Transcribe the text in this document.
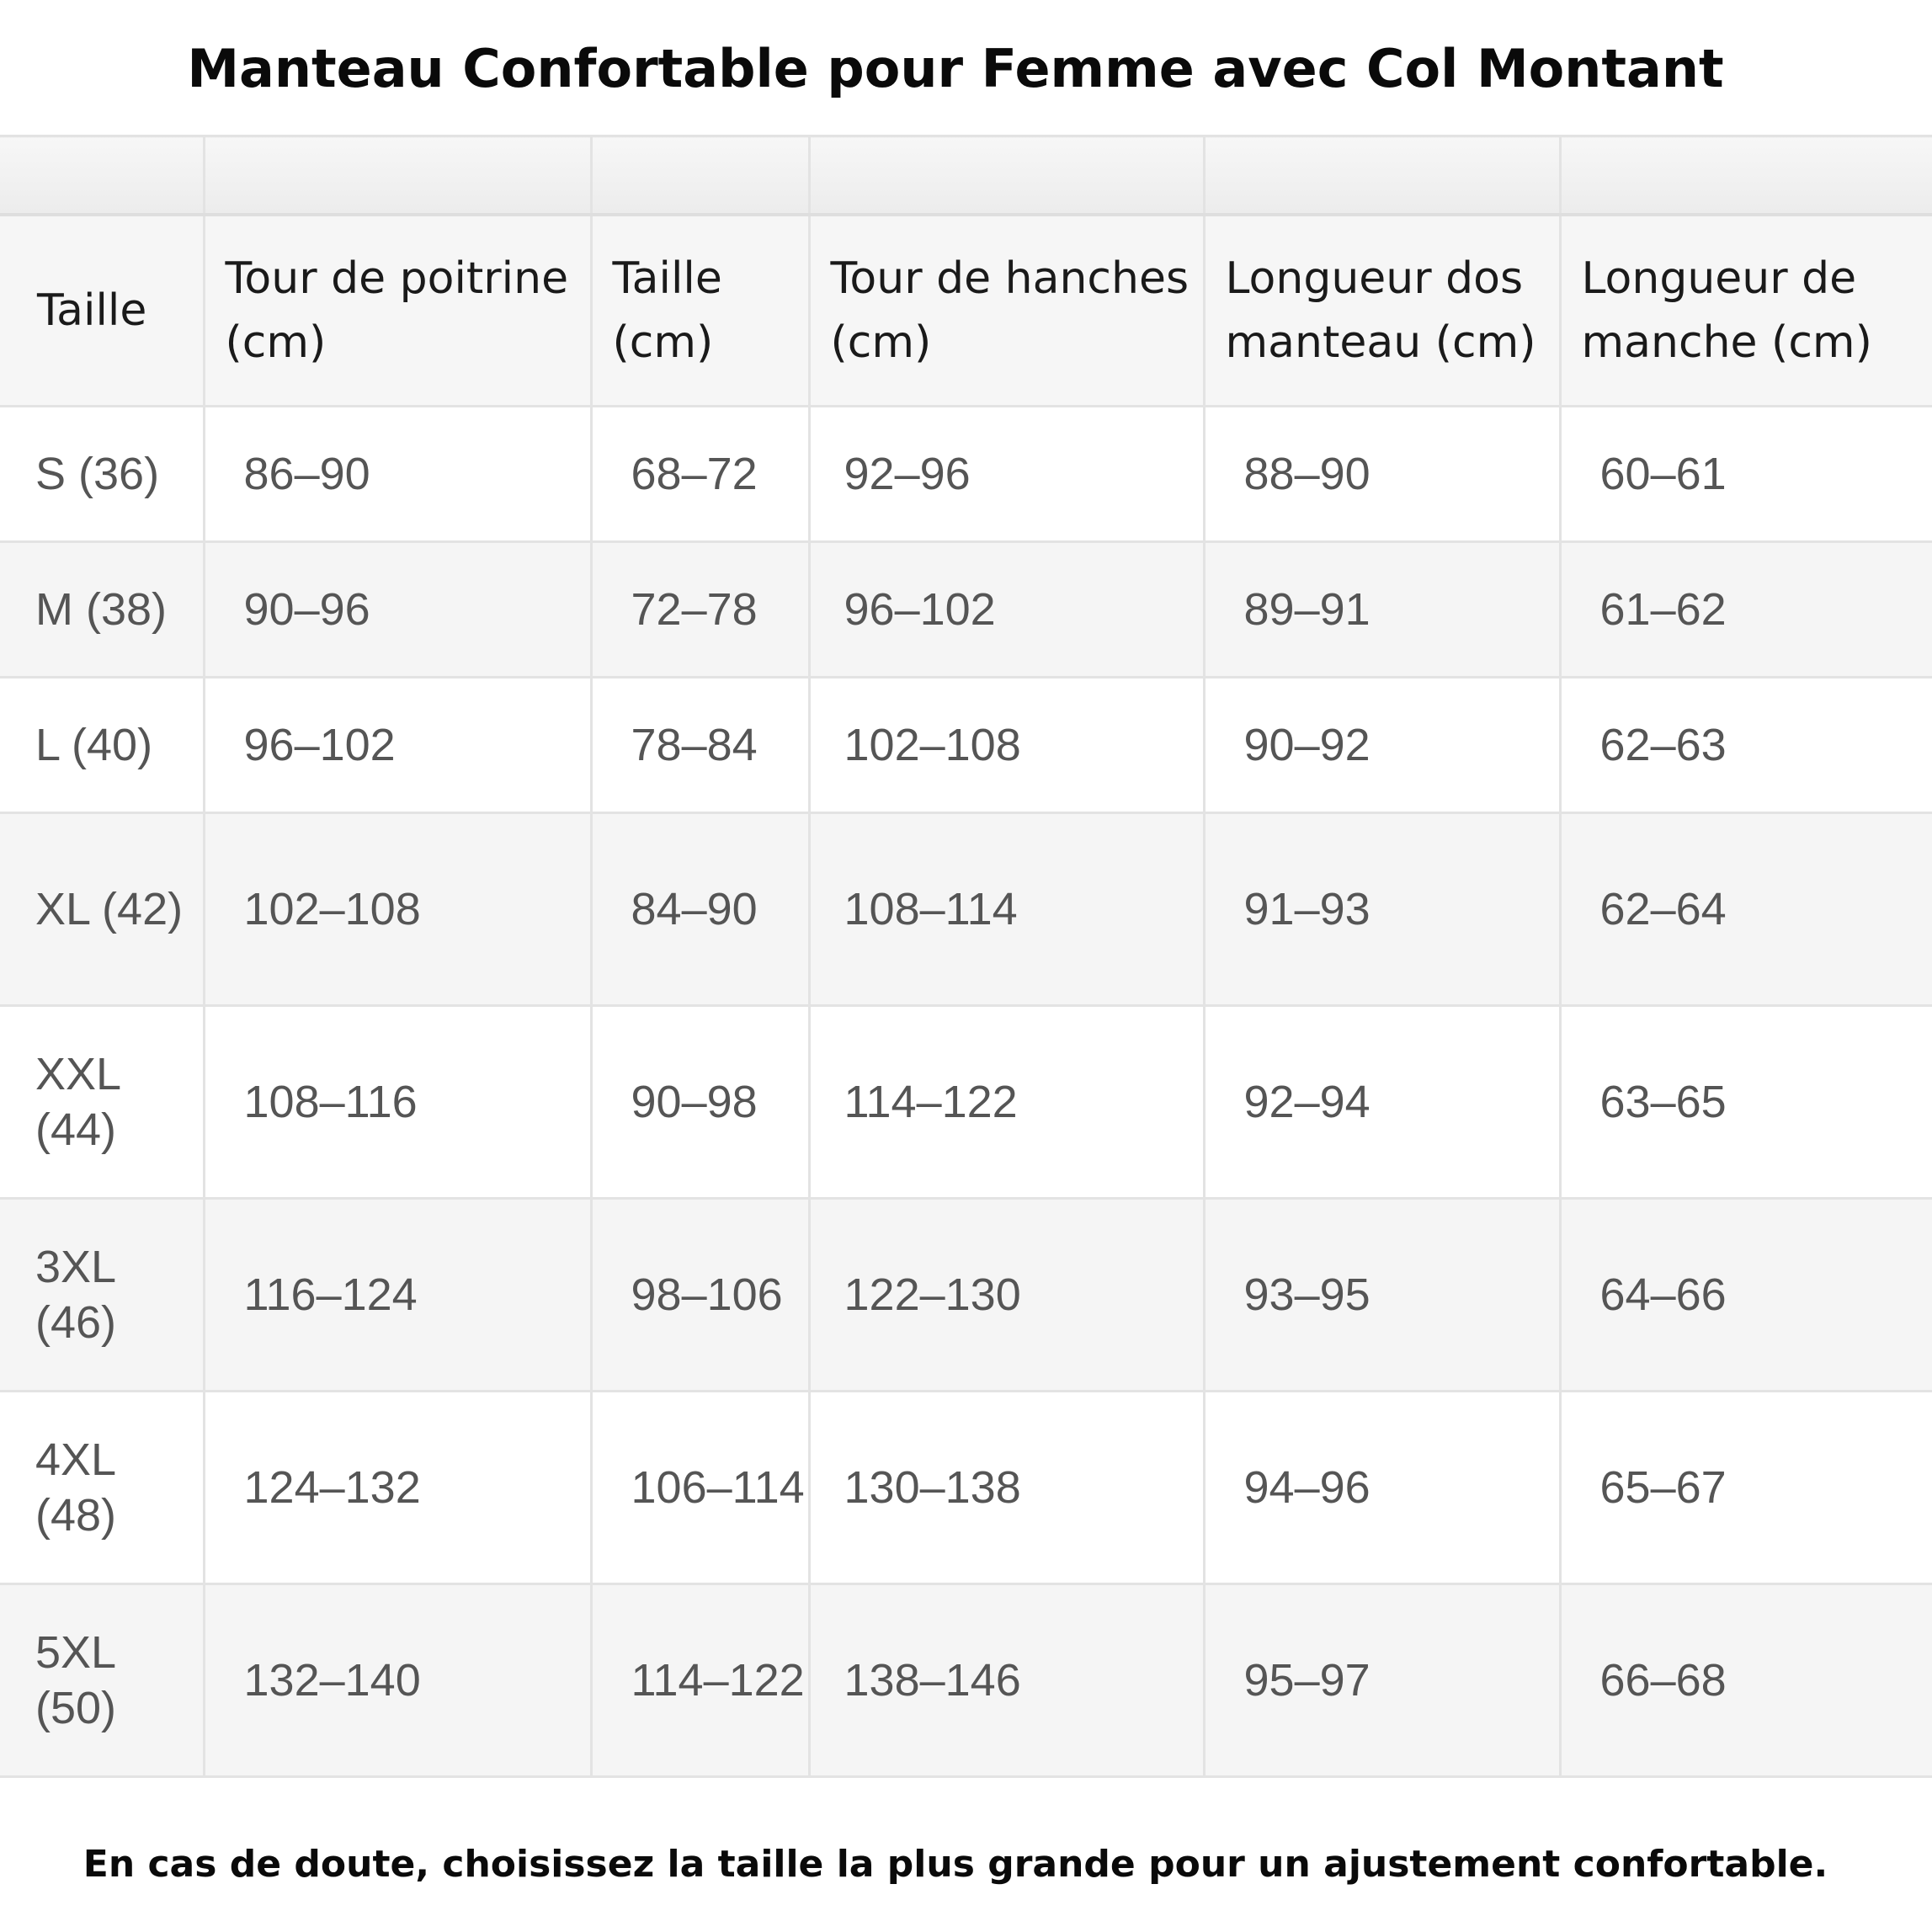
Manteau Confortable pour Femme avec Col Montant

Taille	Tour de poitrine (cm)	Taille (cm)	Tour de hanches (cm)	Longueur dos manteau (cm)	Longueur de manche (cm)
S (36)	86–90	68–72	92–96	88–90	60–61
M (38)	90–96	72–78	96–102	89–91	61–62
L (40)	96–102	78–84	102–108	90–92	62–63
XL (42)	102–108	84–90	108–114	91–93	62–64
XXL (44)	108–116	90–98	114–122	92–94	63–65
3XL (46)	116–124	98–106	122–130	93–95	64–66
4XL (48)	124–132	106–114	130–138	94–96	65–67
5XL (50)	132–140	114–122	138–146	95–97	66–68
En cas de doute, choisissez la taille la plus grande pour un ajustement confortable.
